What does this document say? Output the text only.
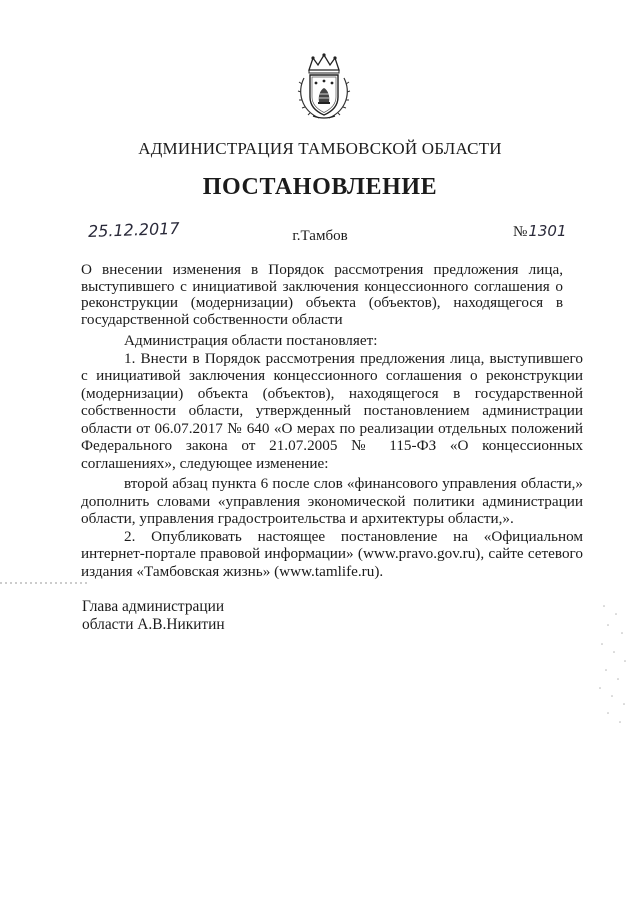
АДМИНИСТРАЦИЯ ТАМБОВСКОЙ ОБЛАСТИ
ПОСТАНОВЛЕНИЕ
25.12.2017	г.Тамбов	№1301

О внесении изменения в Порядок рассмотрения предложения лица, выступившего с инициативой заключения концессионного соглашения о реконструкции (модернизации) объекта (объектов), находящегося в государственной собственности области

Администрация области постановляет:

1. Внести в Порядок рассмотрения предложения лица, выступившего с инициативой заключения концессионного соглашения о реконструкции (модернизации) объекта (объектов), находящегося в государственной собственности области, утвержденный постановлением администрации области от 06.07.2017 № 640 «О мерах по реализации отдельных положений Федерального закона от 21.07.2005 № 115-ФЗ «О концессионных соглашениях», следующее изменение:

второй абзац пункта 6 после слов «финансового управления области,» дополнить словами «управления экономической политики администрации области, управления градостроительства и архитектуры области,».

2. Опубликовать настоящее постановление на «Официальном интернет-портале правовой информации» (www.pravo.gov.ru), сайте сетевого издания «Тамбовская жизнь» (www.tamlife.ru).

Глава администрации
области А.В.Никитин
